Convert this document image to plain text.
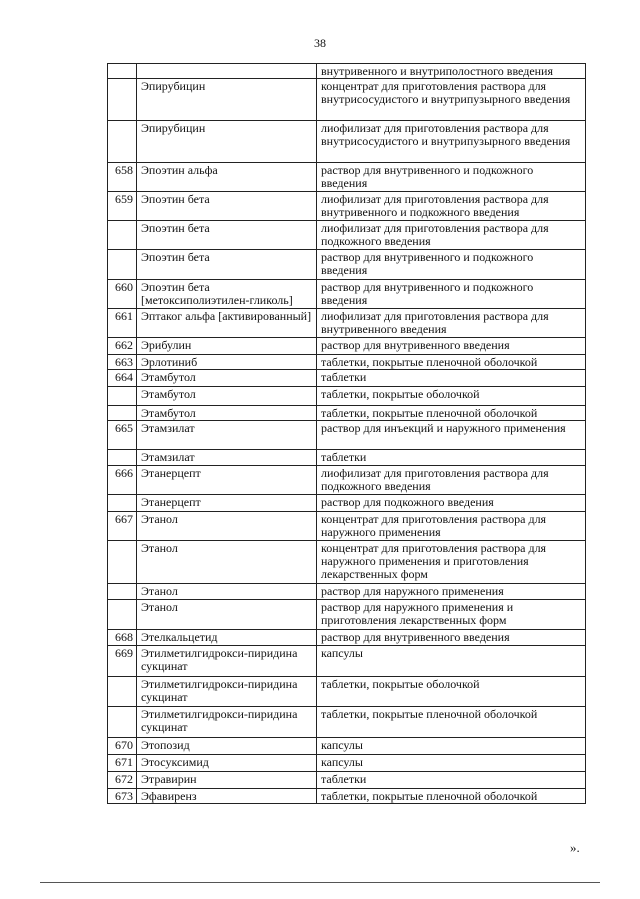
38
		внутривенного и внутриполостного введения
	Эпирубицин	концентрат для приготовления раствора для внутрисосудистого и внутрипузырного введения
	Эпирубицин	лиофилизат для приготовления раствора для внутрисосудистого и внутрипузырного введения
658	Эпоэтин альфа	раствор для внутривенного и подкожного введения
659	Эпоэтин бета	лиофилизат для приготовления раствора для внутривенного и подкожного введения
	Эпоэтин бета	лиофилизат для приготовления раствора для подкожного введения
	Эпоэтин бета	раствор для внутривенного и подкожного введения
660	Эпоэтин бета [метоксиполиэтилен-гликоль]	раствор для внутривенного и подкожного введения
661	Эптаког альфа [активированный]	лиофилизат для приготовления раствора для внутривенного введения
662	Эрибулин	раствор для внутривенного введения
663	Эрлотиниб	таблетки, покрытые пленочной оболочкой
664	Этамбутол	таблетки
	Этамбутол	таблетки, покрытые оболочкой
	Этамбутол	таблетки, покрытые пленочной оболочкой
665	Этамзилат	раствор для инъекций и наружного применения
	Этамзилат	таблетки
666	Этанерцепт	лиофилизат для приготовления раствора для подкожного введения
	Этанерцепт	раствор для подкожного введения
667	Этанол	концентрат для приготовления раствора для наружного применения
	Этанол	концентрат для приготовления раствора для наружного применения и приготовления лекарственных форм
	Этанол	раствор для наружного применения
	Этанол	раствор для наружного применения и приготовления лекарственных форм
668	Этелкальцетид	раствор для внутривенного введения
669	Этилметилгидрокси-пиридина сукцинат	капсулы
	Этилметилгидрокси-пиридина сукцинат	таблетки, покрытые оболочкой
	Этилметилгидрокси-пиридина сукцинат	таблетки, покрытые пленочной оболочкой
670	Этопозид	капсулы
671	Этосуксимид	капсулы
672	Этравирин	таблетки
673	Эфавиренз	таблетки, покрытые пленочной оболочкой
».
